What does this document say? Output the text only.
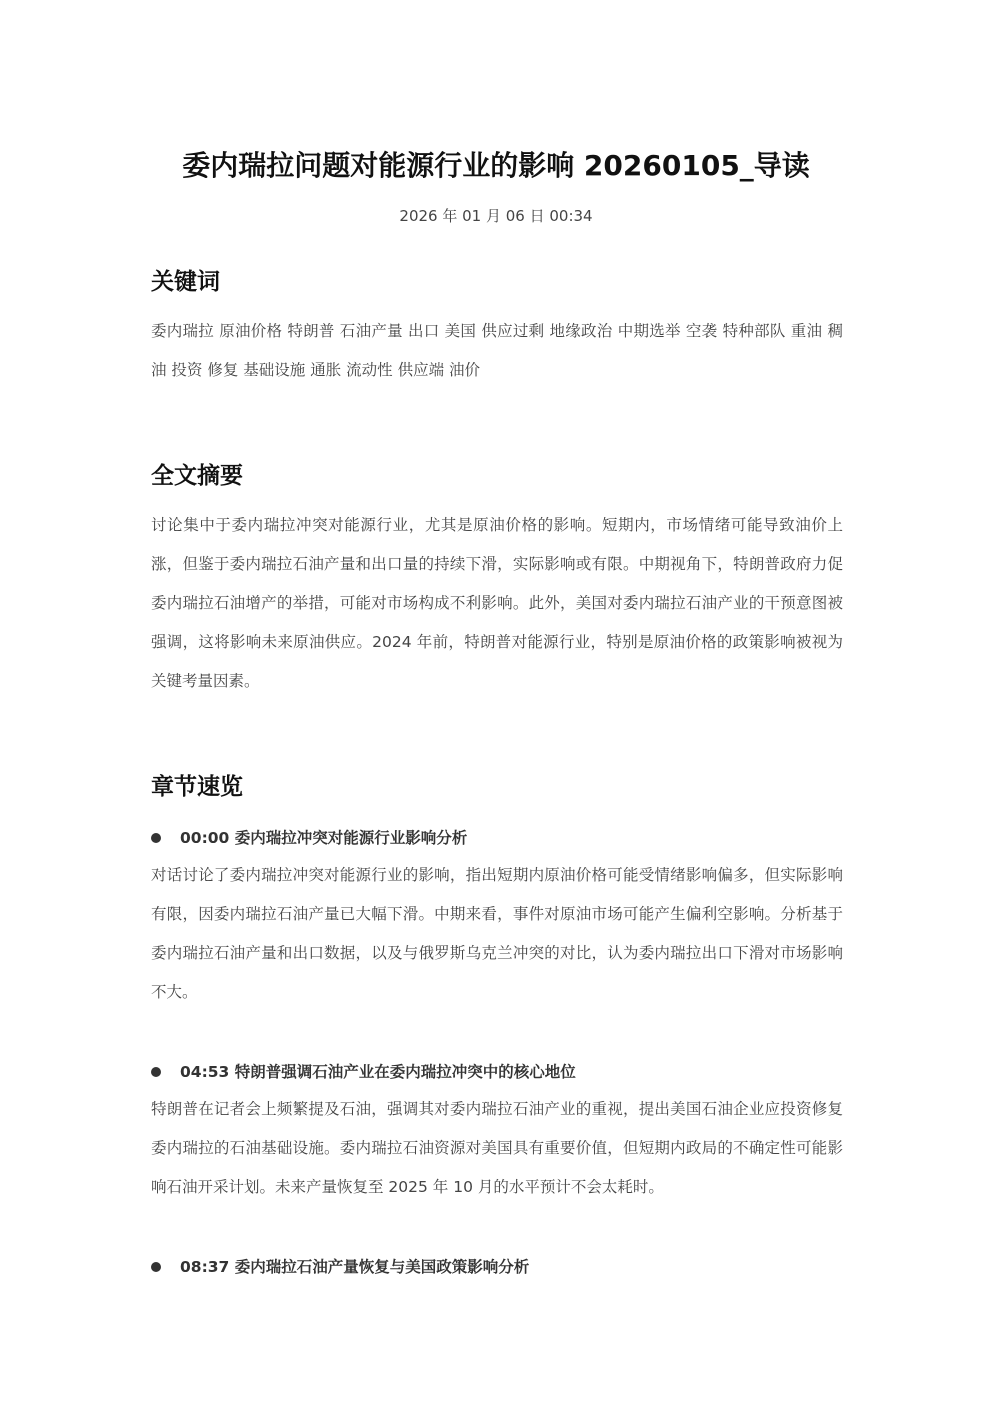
委内瑞拉问题对能源行业的影响 20260105_导读
2026 年 01 月 06 日 00:34
关键词

委内瑞拉 原油价格 特朗普 石油产量 出口 美国 供应过剩 地缘政治 中期选举 空袭 特种部队 重油 稠油 投资 修复 基础设施 通胀 流动性 供应端 油价

全文摘要

讨论集中于委内瑞拉冲突对能源行业，尤其是原油价格的影响。短期内，市场情绪可能导致油价上涨，但鉴于委内瑞拉石油产量和出口量的持续下滑，实际影响或有限。中期视角下，特朗普政府力促委内瑞拉石油增产的举措，可能对市场构成不利影响。此外，美国对委内瑞拉石油产业的干预意图被强调，这将影响未来原油供应。2024 年前，特朗普对能源行业，特别是原油价格的政策影响被视为关键考量因素。

章节速览
00:00 委内瑞拉冲突对能源行业影响分析

对话讨论了委内瑞拉冲突对能源行业的影响，指出短期内原油价格可能受情绪影响偏多，但实际影响有限，因委内瑞拉石油产量已大幅下滑。中期来看，事件对原油市场可能产生偏利空影响。分析基于委内瑞拉石油产量和出口数据，以及与俄罗斯乌克兰冲突的对比，认为委内瑞拉出口下滑对市场影响不大。

04:53 特朗普强调石油产业在委内瑞拉冲突中的核心地位

特朗普在记者会上频繁提及石油，强调其对委内瑞拉石油产业的重视，提出美国石油企业应投资修复委内瑞拉的石油基础设施。委内瑞拉石油资源对美国具有重要价值，但短期内政局的不确定性可能影响石油开采计划。未来产量恢复至 2025 年 10 月的水平预计不会太耗时。

08:37 委内瑞拉石油产量恢复与美国政策影响分析
